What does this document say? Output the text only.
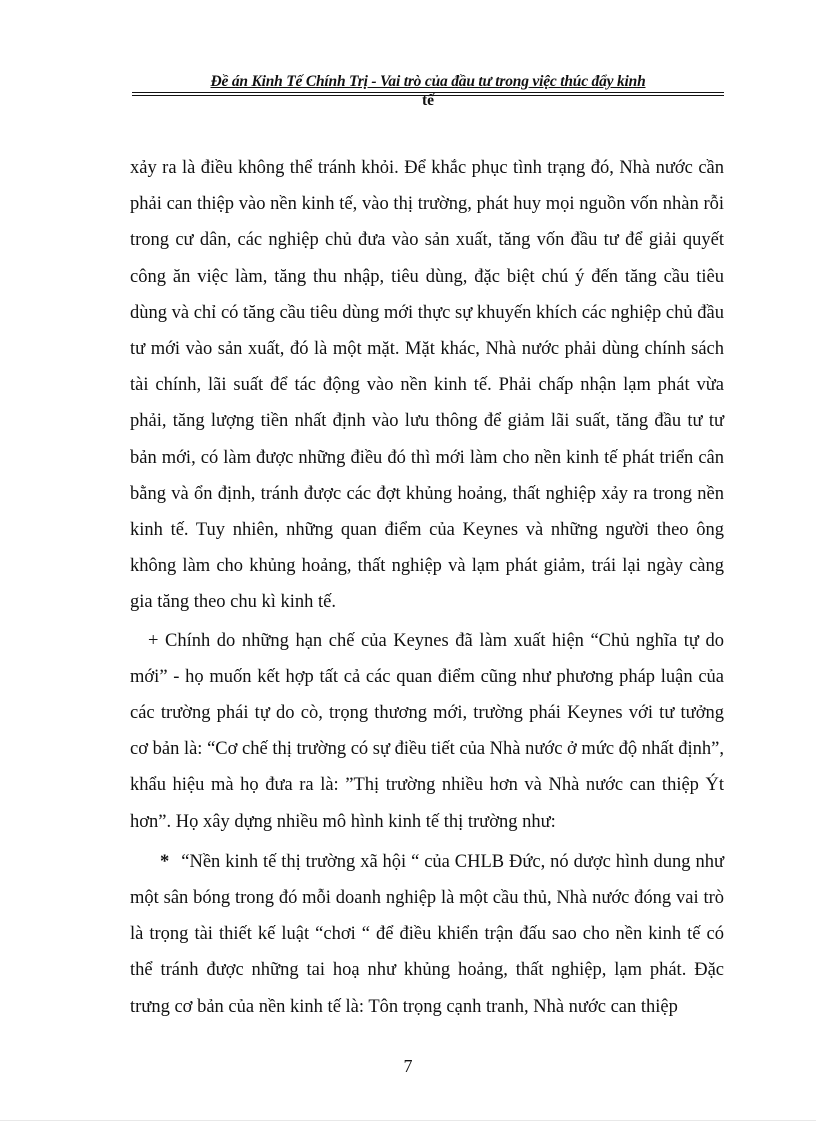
Đề án Kinh Tế Chính Trị - Vai trò của đầu tư trong việc thúc đẩy kinh
tế

xảy ra là điều không thể tránh khỏi. Để khắc phục tình trạng đó, Nhà nước cần phải can thiệp vào nền kinh tế, vào thị trường, phát huy mọi nguồn vốn nhàn rỗi trong cư dân, các nghiệp chủ đưa vào sản xuất, tăng vốn đầu tư để giải quyết công ăn việc làm, tăng thu nhập, tiêu dùng, đặc biệt chú ý đến tăng cầu tiêu dùng và chỉ có tăng cầu tiêu dùng mới thực sự khuyến khích các nghiệp chủ đầu tư mới vào sản xuất, đó là một mặt. Mặt khác, Nhà nước phải dùng chính sách tài chính, lãi suất để tác động vào nền kinh tế. Phải chấp nhận lạm phát vừa phải, tăng lượng tiền nhất định vào lưu thông để giảm lãi suất, tăng đầu tư tư bản mới, có làm được những điều đó thì mới làm cho nền kinh tế phát triển cân bằng và ổn định, tránh được các đợt khủng hoảng, thất nghiệp xảy ra trong nền kinh tế. Tuy nhiên, những quan điểm của Keynes và những người theo ông không làm cho khủng hoảng, thất nghiệp và lạm phát giảm, trái lại ngày càng gia tăng theo chu kì kinh tế.

+ Chính do những hạn chế của Keynes đã làm xuất hiện “Chủ nghĩa tự do mới” - họ muốn kết hợp tất cả các quan điểm cũng như phương pháp luận của các trường phái tự do cò, trọng thương mới, trường phái Keynes với tư tưởng cơ bản là: “Cơ chế thị trường có sự điều tiết của Nhà nước ở mức độ nhất định”, khẩu hiệu mà họ đưa ra là: ”Thị trường nhiều hơn và Nhà nước can thiệp Ýt hơn”. Họ xây dựng nhiều mô hình kinh tế thị trường như:

* “Nền kinh tế thị trường xã hội “ của CHLB Đức, nó dược hình dung như một sân bóng trong đó mỗi doanh nghiệp là một cầu thủ, Nhà nước đóng vai trò là trọng tài thiết kế luật “chơi “ để điều khiển trận đấu sao cho nền kinh tế có thể tránh được những tai hoạ như khủng hoảng, thất nghiệp, lạm phát. Đặc trưng cơ bản của nền kinh tế là: Tôn trọng cạnh tranh, Nhà nước can thiệp

7
